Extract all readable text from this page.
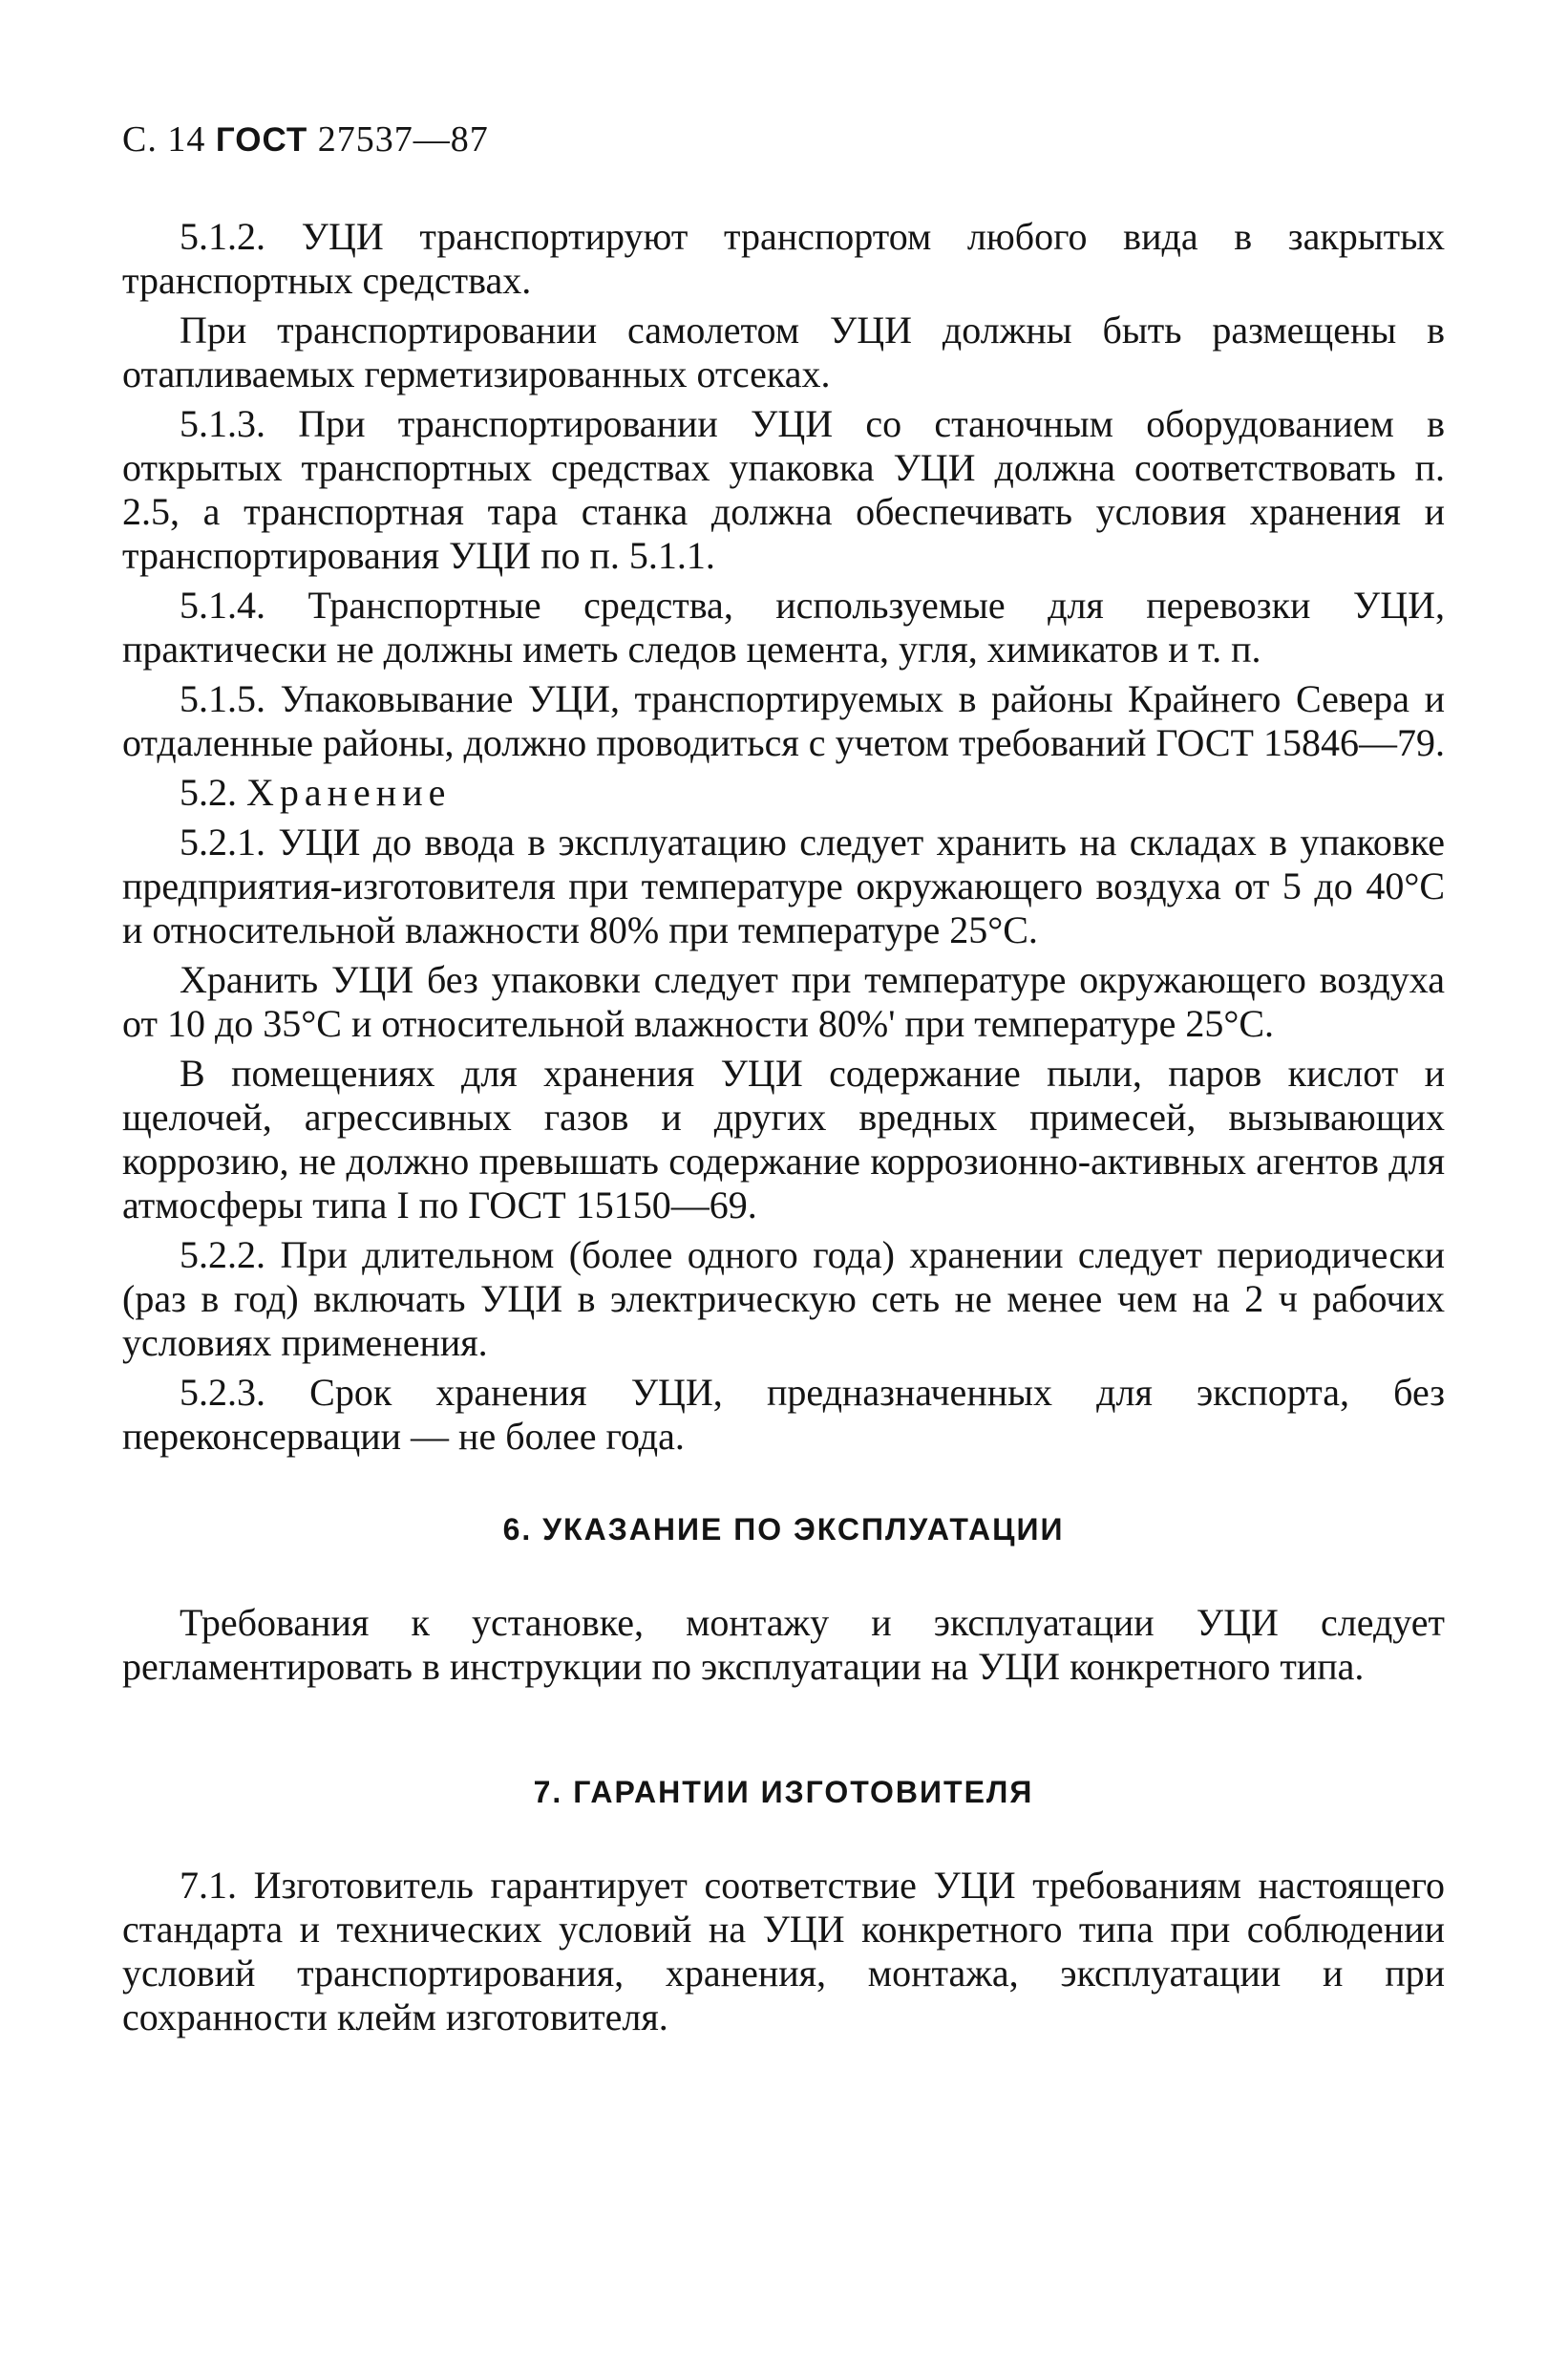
С. 14 ГОСТ 27537—87

5.1.2. УЦИ транспортируют транспортом любого вида в закрытых транспортных средствах.

При транспортировании самолетом УЦИ должны быть размещены в отапливаемых герметизированных отсеках.

5.1.3. При транспортировании УЦИ со станочным оборудованием в открытых транспортных средствах упаковка УЦИ должна соответствовать п. 2.5, а транспортная тара станка должна обеспечивать условия хранения и транспортирования УЦИ по п. 5.1.1.

5.1.4. Транспортные средства, используемые для перевозки УЦИ, практически не должны иметь следов цемента, угля, химикатов и т. п.

5.1.5. Упаковывание УЦИ, транспортируемых в районы Крайнего Севера и отдаленные районы, должно проводиться с учетом требований ГОСТ 15846—79.

5.2. Хранение

5.2.1. УЦИ до ввода в эксплуатацию следует хранить на складах в упаковке предприятия-изготовителя при температуре окружающего воздуха от 5 до 40°С и относительной влажности 80% при температуре 25°С.

Хранить УЦИ без упаковки следует при температуре окружающего воздуха от 10 до 35°С и относительной влажности 80%' при температуре 25°С.

В помещениях для хранения УЦИ содержание пыли, паров кислот и щелочей, агрессивных газов и других вредных примесей, вызывающих коррозию, не должно превышать содержание коррозионно-активных агентов для атмосферы типа I по ГОСТ 15150—69.

5.2.2. При длительном (более одного года) хранении следует периодически (раз в год) включать УЦИ в электрическую сеть не менее чем на 2 ч рабочих условиях применения.

5.2.3. Срок хранения УЦИ, предназначенных для экспорта, без переконсервации — не более года.

6. УКАЗАНИЕ ПО ЭКСПЛУАТАЦИИ

Требования к установке, монтажу и эксплуатации УЦИ следует регламентировать в инструкции по эксплуатации на УЦИ конкретного типа.

7. ГАРАНТИИ ИЗГОТОВИТЕЛЯ

7.1. Изготовитель гарантирует соответствие УЦИ требованиям настоящего стандарта и технических условий на УЦИ конкретного типа при соблюдении условий транспортирования, хранения, монтажа, эксплуатации и при сохранности клейм изготовителя.
